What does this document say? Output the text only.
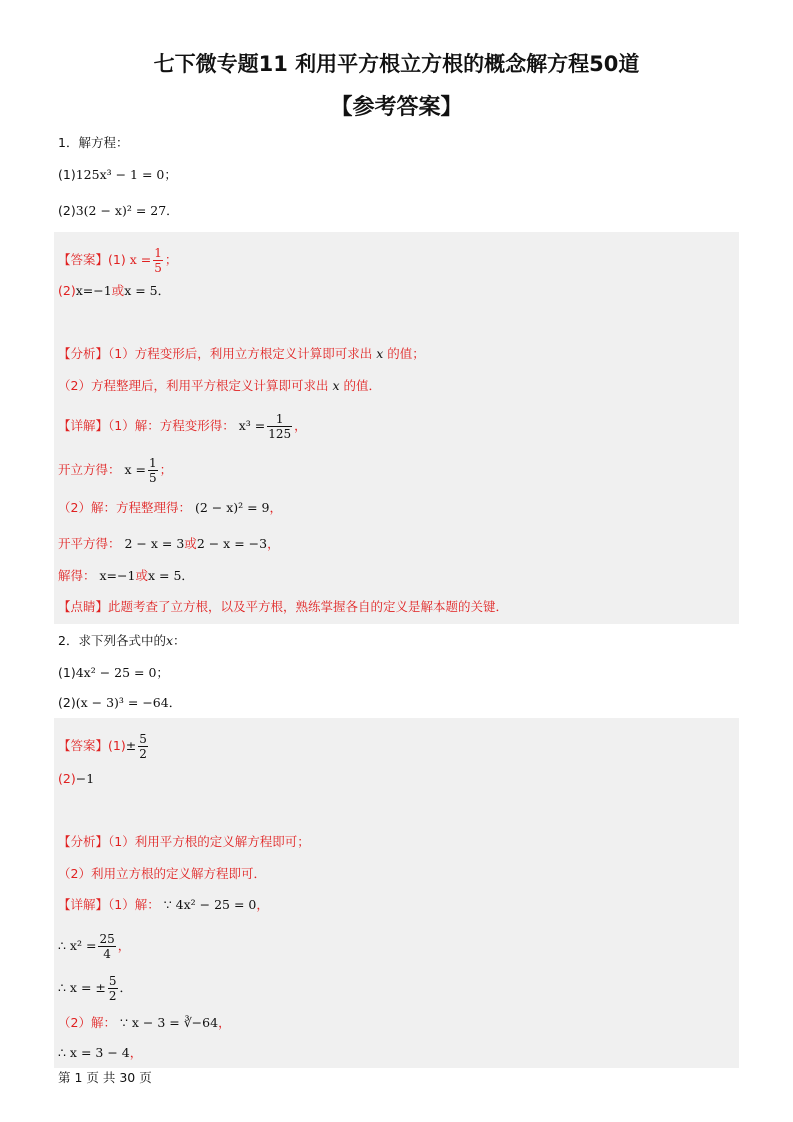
七下微专题11 利用平方根立方根的概念解方程50道
【参考答案】
1．解方程：
(1)125x³ − 1 = 0；
(2)3(2 − x)² = 27．
【答案】(1) $x = \frac{1}{5}$ ；
(2)x=−1或x = 5．
【分析】（1）方程变形后，利用立方根定义计算即可求出 x 的值；
（2）方程整理后，利用平方根定义计算即可求出 x 的值．
【详解】（1）解：方程变形得： $x^3 = \frac{1}{125}$ ，
开立方得： $x = \frac{1}{5}$ ；
（2）解：方程整理得： (2 − x)² = 9，
开平方得： 2 − x = 3或2 − x = −3，
解得： x=−1或x = 5．
【点睛】此题考查了立方根，以及平方根，熟练掌握各自的定义是解本题的关键．
2．求下列各式中的x：
(1)4x² − 25 = 0；
(2)(x − 3)³ = −64．
【答案】$(1)\pm \frac{5}{2}$
(2)−1
【分析】（1）利用平方根的定义解方程即可；
（2）利用立方根的定义解方程即可．
【详解】（1）解： ∵ 4x² − 25 = 0，
∴ $x^2 = \frac{25}{4}$ ，
∴ x = ± $\frac{5}{2}$ ．
（2）解： ∵ x − 3 = ∛−64，
∴ x = 3 − 4，
第 1 页 共 30 页
